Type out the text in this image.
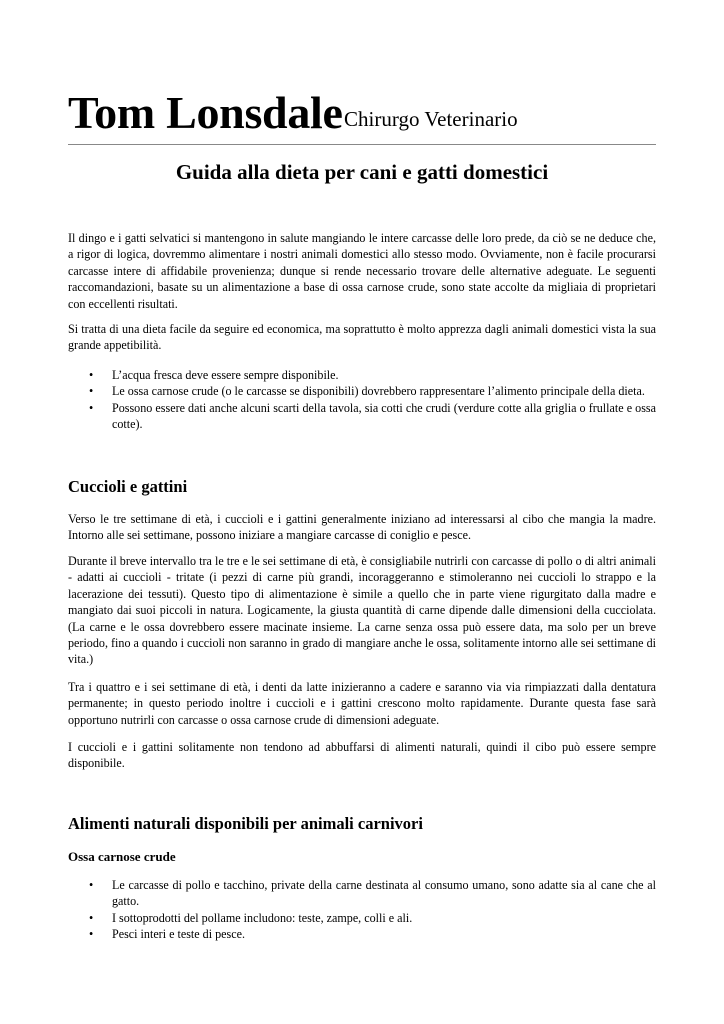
Tom Lonsdale Chirurgo Veterinario
Guida alla dieta per cani e gatti domestici

Il dingo e i gatti selvatici si mantengono in salute mangiando le intere carcasse delle loro prede, da ciò se ne deduce che, a rigor di logica, dovremmo alimentare i nostri animali domestici allo stesso modo. Ovviamente, non è facile procurarsi carcasse intere di affidabile provenienza; dunque si rende necessario trovare delle alternative adeguate. Le seguenti raccomandazioni, basate su un alimentazione a base di ossa carnose crude, sono state accolte da migliaia di proprietari con eccellenti risultati.

Si tratta di una dieta facile da seguire ed economica, ma soprattutto è molto apprezza dagli animali domestici vista la sua grande appetibilità.

• L’acqua fresca deve essere sempre disponibile.
• Le ossa carnose crude (o le carcasse se disponibili) dovrebbero rappresentare l’alimento principale della dieta.
• Possono essere dati anche alcuni scarti della tavola, sia cotti che crudi (verdure cotte alla griglia o frullate e ossa cotte).
Cuccioli e gattini

Verso le tre settimane di età, i cuccioli e i gattini generalmente iniziano ad interessarsi al cibo che mangia la madre. Intorno alle sei settimane, possono iniziare a mangiare carcasse di coniglio e pesce.

Durante il breve intervallo tra le tre e le sei settimane di età, è consigliabile nutrirli con carcasse di pollo o di altri animali - adatti ai cuccioli - tritate (i pezzi di carne più grandi, incoraggeranno e stimoleranno nei cuccioli lo strappo e la lacerazione dei tessuti). Questo tipo di alimentazione è simile a quello che in parte viene rigurgitato dalla madre e mangiato dai suoi piccoli in natura. Logicamente, la giusta quantità di carne dipende dalle dimensioni della cucciolata. (La carne e le ossa dovrebbero essere macinate insieme. La carne senza ossa può essere data, ma solo per un breve periodo, fino a quando i cuccioli non saranno in grado di mangiare anche le ossa, solitamente intorno alle sei settimane di vita.)

Tra i quattro e i sei settimane di età, i denti da latte inizieranno a cadere e saranno via via rimpiazzati dalla dentatura permanente; in questo periodo inoltre i cuccioli e i gattini crescono molto rapidamente. Durante questa fase sarà opportuno nutrirli con carcasse o ossa carnose crude di dimensioni adeguate.

I cuccioli e i gattini solitamente non tendono ad abbuffarsi di alimenti naturali, quindi il cibo può essere sempre disponibile.

Alimenti naturali disponibili per animali carnivori
Ossa carnose crude
• Le carcasse di pollo e tacchino, private della carne destinata al consumo umano, sono adatte sia al cane che al gatto.
• I sottoprodotti del pollame includono: teste, zampe, colli e ali.
• Pesci interi e teste di pesce.
